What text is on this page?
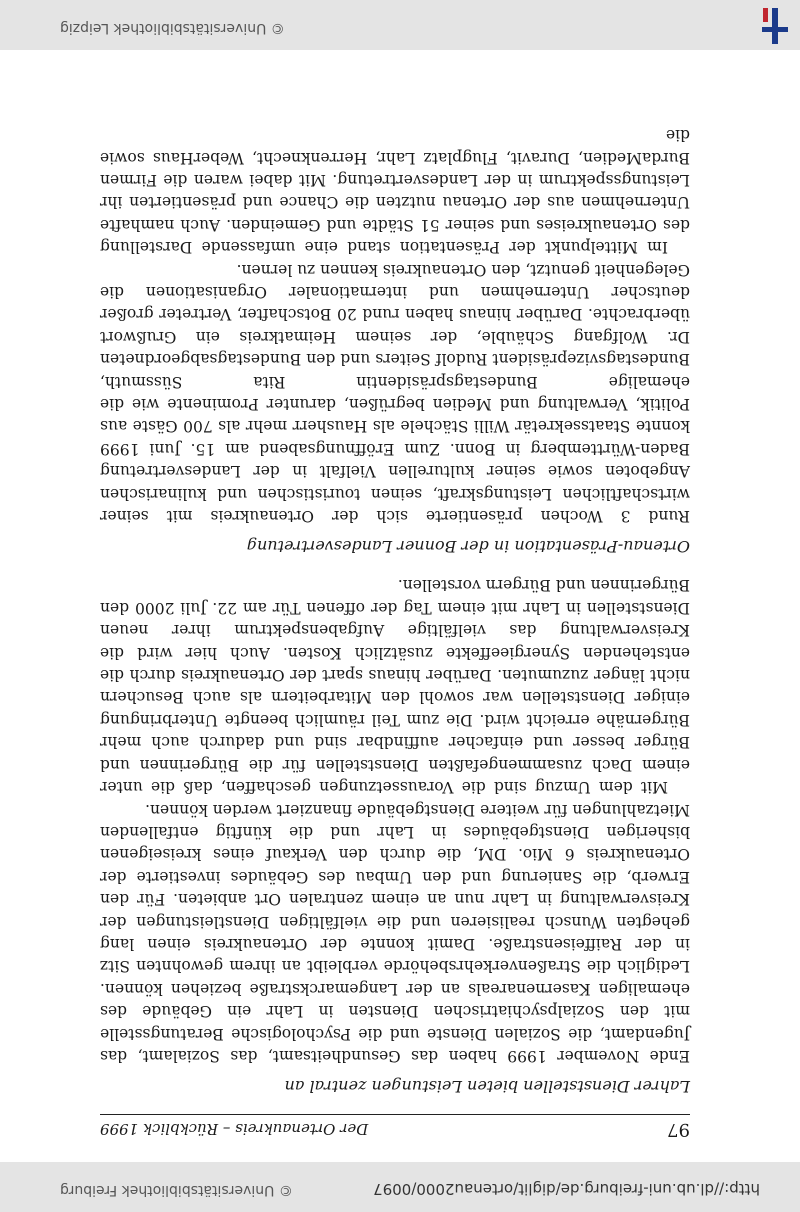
http://dl.ub.uni-freiburg.de/diglit/ortenau2000/0097
© Universitätsbibliothek Freiburg
97
Der Ortenaukreis – Rückblick 1999
Lahrer Dienststellen bieten Leistungen zentral an

Ende November 1999 haben das Gesundheitsamt, das Sozialamt, das Jugendamt, die Sozialen Dienste und die Psychologische Beratungsstelle mit den Sozialpsychiatrischen Diensten in Lahr ein Gebäude des ehemaligen Kasernenareals an der Langemarckstraße beziehen können. Lediglich die Straßenverkehrsbehörde verbleibt an ihrem gewohnten Sitz in der Raiffeisenstraße. Damit konnte der Ortenaukreis einen lang gehegten Wunsch realisieren und die vielfältigen Dienstleistungen der Kreisverwaltung in Lahr nun an einem zentralen Ort anbieten. Für den Erwerb, die Sanierung und den Umbau des Gebäudes investierte der Ortenaukreis 6 Mio. DM, die durch den Verkauf eines kreiseigenen bisherigen Dienstgebäudes in Lahr und die künftig entfallenden Mietzahlungen für weitere Dienstgebäude finanziert werden können.

Mit dem Umzug sind die Voraussetzungen geschaffen, daß die unter einem Dach zusammengefaßten Dienststellen für die Bürgerinnen und Bürger besser und einfacher auffindbar sind und dadurch auch mehr Bürgernähe erreicht wird. Die zum Teil räumlich beengte Unterbringung einiger Dienststellen war sowohl den Mitarbeitern als auch Besuchern nicht länger zuzumuten. Darüber hinaus spart der Ortenaukreis durch die entstehenden Synergieeffekte zusätzlich Kosten. Auch hier wird die Kreisverwaltung das vielfältige Aufgabenspektrum ihrer neuen Dienststellen in Lahr mit einem Tag der offenen Tür am 22. Juli 2000 den Bürgerinnen und Bürgern vorstellen.

Ortenau-Präsentation in der Bonner Landesvertretung

Rund 3 Wochen präsentierte sich der Ortenaukreis mit seiner wirtschaftlichen Leistungskraft, seinen touristischen und kulinarischen Angeboten sowie seiner kulturellen Vielfalt in der Landesvertretung Baden-Württemberg in Bonn. Zum Eröffnungsabend am 15. Juni 1999 konnte Staatssekretär Willi Stächele als Hausherr mehr als 700 Gäste aus Politik, Verwaltung und Medien begrüßen, darunter Prominente wie die ehemalige Bundestagspräsidentin Rita Süssmuth, Bundestagsvizepräsident Rudolf Seiters und den Bundestagsabgeordneten Dr. Wolfgang Schäuble, der seinem Heimatkreis ein Grußwort überbrachte. Darüber hinaus haben rund 20 Botschafter, Vertreter großer deutscher Unternehmen und internationaler Organisationen die Gelegenheit genutzt, den Ortenaukreis kennen zu lernen.

Im Mittelpunkt der Präsentation stand eine umfassende Darstellung des Ortenaukreises und seiner 51 Städte und Gemeinden. Auch namhafte Unternehmen aus der Ortenau nutzten die Chance und präsentierten ihr Leistungsspektrum in der Landesvertretung. Mit dabei waren die Firmen BurdaMedien, Duravit, Flugplatz Lahr, Herrenknecht, WeberHaus sowie die

© Universitätsbibliothek Leipzig
